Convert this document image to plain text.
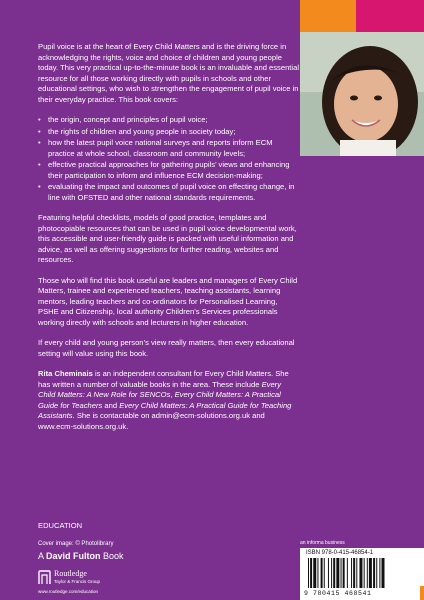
Pupil voice is at the heart of Every Child Matters and is the driving force in acknowledging the rights, voice and choice of children and young people today. This very practical up-to-the-minute book is an invaluable and essential resource for all those working directly with pupils in schools and other educational settings, who wish to strengthen the engagement of pupil voice in their everyday practice. This book covers:

• the origin, concept and principles of pupil voice;
• the rights of children and young people in society today;
• how the latest pupil voice national surveys and reports inform ECM practice at whole school, classroom and community levels;
• effective practical approaches for gathering pupils’ views and enhancing their participation to inform and influence ECM decision-making;
• evaluating the impact and outcomes of pupil voice on effecting change, in line with OFSTED and other national standards requirements.

Featuring helpful checklists, models of good practice, templates and photocopiable resources that can be used in pupil voice developmental work, this accessible and user-friendly guide is packed with useful information and advice, as well as offering suggestions for further reading, websites and resources.

Those who will find this book useful are leaders and managers of Every Child Matters, trainee and experienced teachers, teaching assistants, learning mentors, leading teachers and co-ordinators for Personalised Learning, PSHE and Citizenship, local authority Children’s Services professionals working directly with schools and lecturers in higher education.

If every child and young person’s view really matters, then every educational setting will value using this book.

Rita Cheminais is an independent consultant for Every Child Matters. She has written a number of valuable books in the area. These include Every Child Matters: A New Role for SENCOs, Every Child Matters: A Practical Guide for Teachers and Every Child Matters: A Practical Guide for Teaching Assistants. She is contactable on admin@ecm-solutions.org.uk and www.ecm-solutions.org.uk.

EDUCATION
Cover image: © Photolibrary
A David Fulton Book
Routledge
Taylor & Francis Group
www.routledge.com/education
an informa business
ISBN 978-0-415-46854-1
9 780415 468541
